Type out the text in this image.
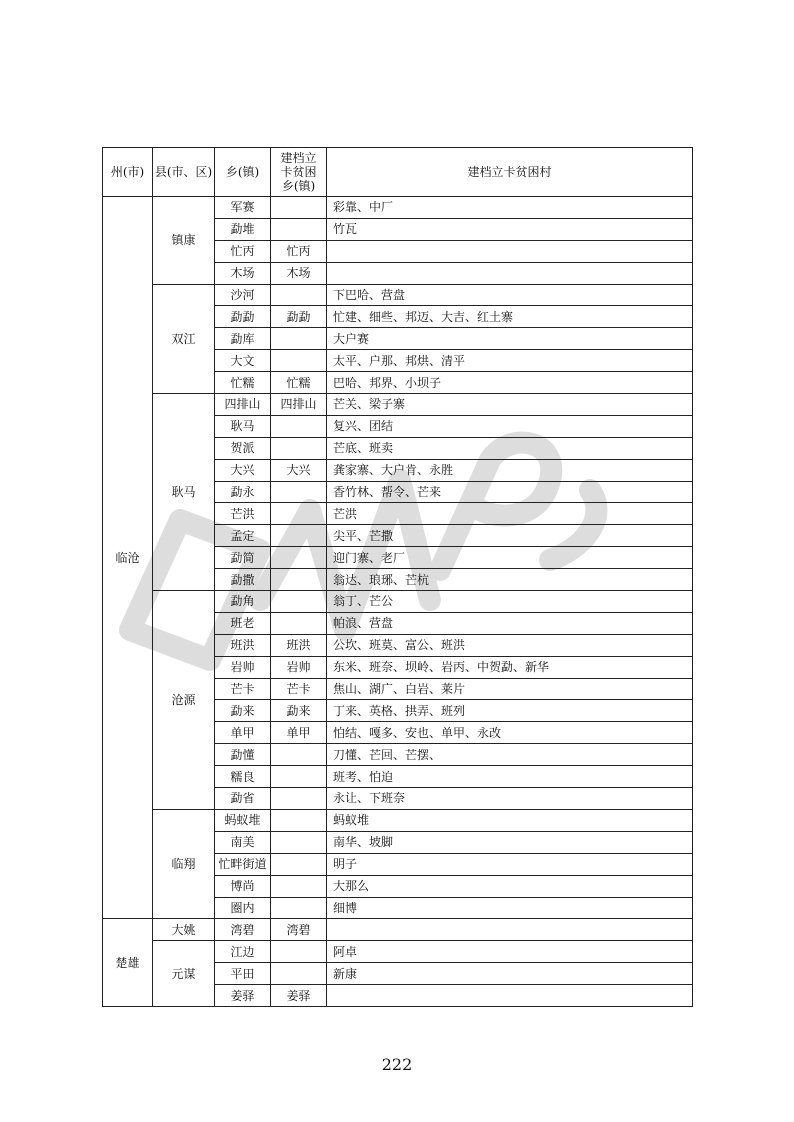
州(市)	县(市、区)	乡(镇)	建档立
卡贫困
乡(镇)	建档立卡贫困村
临沧	镇康	军赛		彩靠、中厂
		勐堆		竹瓦
		忙丙	忙丙	
		木场	木场	
	双江	沙河		下巴哈、营盘
		勐勐	勐勐	忙建、细些、邦迈、大吉、红土寨
		勐库		大户赛
		大文		太平、户那、邦烘、清平
		忙糯	忙糯	巴哈、邦界、小坝子
	耿马	四排山	四排山	芒关、梁子寨
		耿马		复兴、团结
		贺派		芒底、班卖
		大兴	大兴	龚家寨、大户肯、永胜
		勐永		香竹林、帮令、芒来
		芒洪		芒洪
		孟定		尖平、芒撒
		勐简		迎门寨、老厂
		勐撒		翁达、琅琊、芒杭
	沧源	勐角		翁丁、芒公
		班老		帕浪、营盘
		班洪	班洪	公坎、班莫、富公、班洪
		岩帅	岩帅	东米、班奈、坝岭、岩丙、中贺勐、新华
		芒卡	芒卡	焦山、湖广、白岩、莱片
		勐来	勐来	丁来、英格、拱弄、班列
		单甲	单甲	怕结、嘎多、安也、单甲、永改
		勐懂		刀懂、芒回、芒摆、
		糯良		班考、怕迫
		勐省		永让、下班奈
	临翔	蚂蚁堆		蚂蚁堆
		南美		南华、坡脚
		忙畔街道		明子
		博尚		大那么
		圈内		细博
楚雄	大姚	湾碧	湾碧	
	元谋	江边		阿卓
		平田		新康
		姜驿	姜驿	
222
